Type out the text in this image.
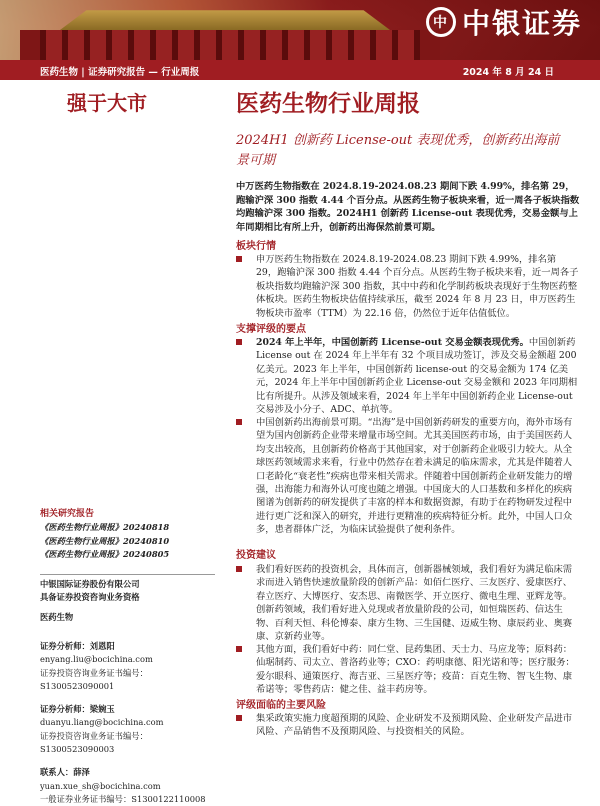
中 中银证券
医药生物 | 证券研究报告 — 行业周报	2024 年 8 月 24 日
强于大市	医药生物行业周报
2024H1 创新药 License-out 表现优秀，创新药出海前景可期
中万医药生物指数在 2024.8.19-2024.08.23 期间下跌 4.99%，排名第 29，跑输沪深 300 指数 4.44 个百分点。从医药生物子板块来看，近一周各子板块指数均跑输沪深 300 指数。2024H1 创新药 License-out 表现优秀，交易金额与上年同期相比有所上升，创新药出海保然前景可期。
板块行情

申万医药生物指数在 2024.8.19-2024.08.23 期间下跌 4.99%，排名第 29，跑输沪深 300 指数 4.44 个百分点。从医药生物子板块来看，近一周各子板块指数均跑输沪深 300 指数，其中中药和化学制药板块表现好于生物医药整体板块。医药生物板块估值持续承压，截至 2024 年 8 月 23 日，申万医药生物板块市盈率（TTM）为 22.16 倍，仍然位于近年估值低位。

支撑评级的要点

2024 年上半年，中国创新药 License-out 交易金额表现优秀。中国创新药 License out 在 2024 年上半年有 32 个项目成功签订，涉及交易金额超 200 亿美元。2023 年上半年，中国创新药 license-out 的交易金额为 174 亿美元，2024 年上半年中国创新药企业 License-out 交易金额和 2023 年同期相比有所提升。从涉及领域来看，2024 年上半年中国创新药企业 License-out 交易涉及小分子、ADC、单抗等。

中国创新药出海前景可期。“出海”是中国创新药研发的重要方向，海外市场有望为国内创新药企业带来增量市场空间。尤其美国医药市场，由于美国医药人均支出较高，且创新药价格高于其他国家，对于创新药企业吸引力较大。从全球医药领域需求来看，行业中仍然存在着未满足的临床需求，尤其是伴随着人口老龄化“衰老性”疾病也带来相关需求。伴随着中国创新药企业研发能力的增强，出海能力和海外认可度也随之增强。中国庞大的人口基数和多样化的疾病图谱为创新药的研发提供了丰富的样本和数据资源，有助于在药物研发过程中进行更广泛和深入的研究，并进行更精准的疾病特征分析。此外，中国人口众多，患者群体广泛，为临床试验提供了便利条件。

投资建议

我们看好医药的投资机会，具体而言，创新器械领域，我们看好为满足临床需求而进入销售快速放量阶段的创新产品：如佰仁医疗、三友医疗、爱康医疗、春立医疗、大博医疗、安杰思、南微医学、开立医疗、微电生理、亚辉龙等。创新药领域，我们看好进入兑现或者放量阶段的公司，如恒瑞医药、信达生物、百利天恒、科伦博泰、康方生物、三生国健、迈威生物、康辰药业、奥赛康、京新药业等。

其他方面，我们看好中药：同仁堂、昆药集团、天士力、马应龙等；原料药：仙琚制药、司太立、普洛药业等；CXO：药明康德、阳光诺和等；医疗服务：爱尔眼科、通策医疗、海吉亚、三星医疗等；疫苗：百克生物、智飞生物、康希诺等；零售药店：健之佳、益丰药房等。

评级面临的主要风险

集采政策实施力度超预期的风险、企业研发不及预期风险、企业研发产品进市风险、产品销售不及预期风险、与投资相关的风险。

相关研究报告
《医药生物行业周报》20240818
《医药生物行业周报》20240810
《医药生物行业周报》20240805
中银国际证券股份有限公司
具备证券投资咨询业务资格
医药生物
证券分析师：刘恩阳
enyang.liu@bocichina.com
证券投资咨询业务证书编号：S1300523090001
证券分析师：梁婉玉
duanyu.liang@bocichina.com
证券投资咨询业务证书编号：S1300523090003
联系人：薛泽
yuan.xue_sh@bocichina.com
一般证券业务证书编号：S1300122110008
